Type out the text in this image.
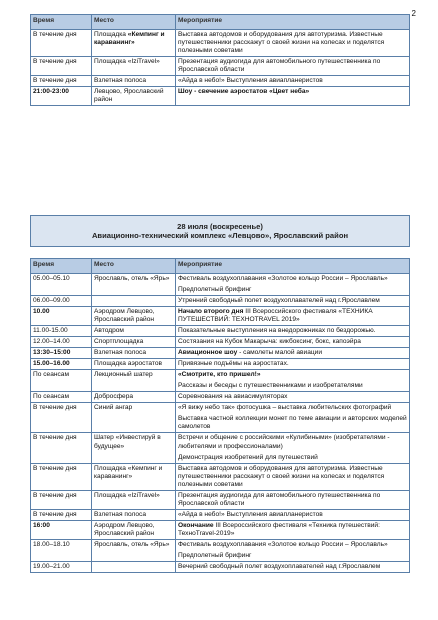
2
Время	Место	Мероприятие
В течение дня	Площадка «Кемпинг и караванинг»	Выставка автодомов и оборудования для автотуризма. Известные путешественники расскажут о своей жизни на колесах и поделятся полезными советами
В течение дня	Площадка «IziTravel»	Презентация аудиогида для автомобильного путешественника по Ярославской области
В течение дня	Взлетная полоса	«Айда в небо!» Выступления авиапланеристов
21:00-23:00	Левцово, Ярославский район	Шоу - свечение аэростатов «Цвет неба»
28 июля (воскресенье)
Авиационно-технический комплекс «Левцово», Ярославский район
Время	Место	Мероприятие
05.00–05.10	Ярославль, отель «Ярь»	Фестиваль воздухоплавания «Золотое кольцо России – Ярославль»

Предполетный брифинг

06.00–09.00		Утренний свободный полет воздухоплавателей над г.Ярославлем
10.00	Аэродром Левцово, Ярославский район	Начало второго дня III Всероссийского фестиваля «ТЕХНИКА ПУТЕШЕСТВИЙ: TEXHOTRAVEL 2019»
11.00-15.00	Автодром	Показательные выступления на внедорожниках по бездорожью.
12.00–14.00	Спортплощадка	Состязания на Кубок Макарыча: кикбоксинг, бокс, капоэйра
13:30–15:00	Взлетная полоса	Авиационное шоу - самолеты малой авиации
15.00–16.00	Площадка аэростатов	Привязные подъёмы на аэростатах.
По сеансам	Лекционный шатер	«Смотрите, кто пришел!»

Рассказы и беседы с путешественниками и изобретателями

По сеансам	Добросфера	Соревнования на авиасимуляторах
В течение дня	Синий ангар	«Я вижу небо так» фотосушка – выставка любительских фотографий

Выставка частной коллекции монет по теме авиации и авторских моделей самолетов

В течение дня	Шатер «Инвестируй в будущее»	Встречи и общение с российскими «Кулибиными» (изобретателями - любителями и профессионалами)

Демонстрация изобретений для путешествий

В течение дня	Площадка «Кемпинг и караванинг»	Выставка автодомов и оборудования для автотуризма. Известные путешественники расскажут о своей жизни на колесах и поделятся полезными советами
В течение дня	Площадка «IziTravel»	Презентация аудиогида для автомобильного путешественника по Ярославской области
В течение дня	Взлетная полоса	«Айда в небо!» Выступления авиапланеристов
16:00	Аэродром Левцово, Ярославский район	Окончание III Всероссийского фестиваля «Техника путешествий: ТехноTravel-2019»
18.00–18.10	Ярославль, отель «Ярь»	Фестиваль воздухоплавания «Золотое кольцо России – Ярославль»

Предполетный брифинг

19.00–21.00		Вечерний свободный полет воздухоплавателей над г.Ярославлем
